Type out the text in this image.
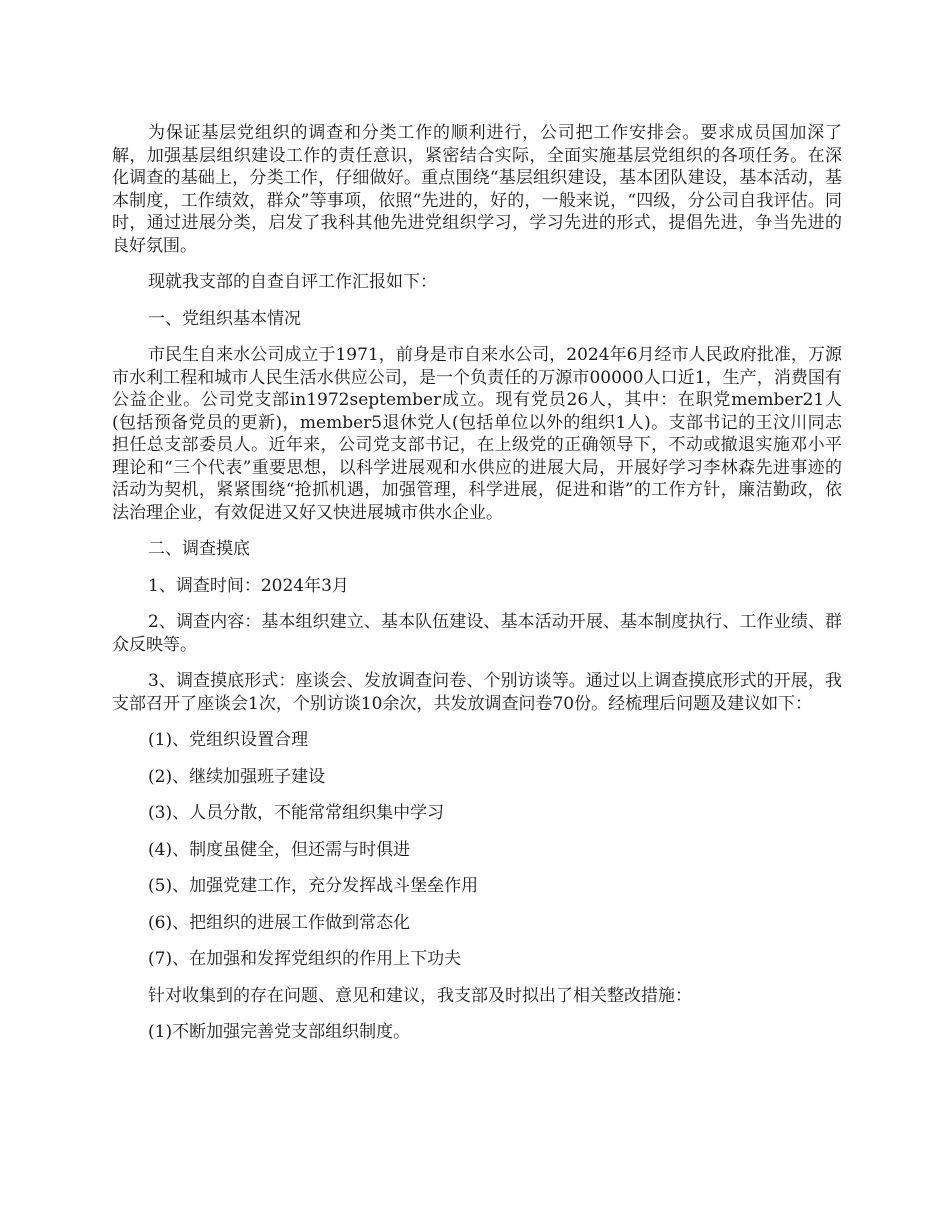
为保证基层党组织的调查和分类工作的顺利进行，公司把工作安排会。要求成员国加深了解，加强基层组织建设工作的责任意识，紧密结合实际，全面实施基层党组织的各项任务。在深化调查的基础上，分类工作，仔细做好。重点围绕“基层组织建设，基本团队建设，基本活动，基本制度，工作绩效，群众”等事项，依照“先进的，好的，一般来说，“四级，分公司自我评估。同时，通过进展分类，启发了我科其他先进党组织学习，学习先进的形式，提倡先进，争当先进的良好氛围。

现就我支部的自查自评工作汇报如下：

一、党组织基本情况

市民生自来水公司成立于1971，前身是市自来水公司，2024年6月经市人民政府批准，万源市水利工程和城市人民生活水供应公司，是一个负责任的万源市00000人口近1，生产，消费国有公益企业。公司党支部in1972september成立。现有党员26人，其中：在职党member21人(包括预备党员的更新)，member5退休党人(包括单位以外的组织1人)。支部书记的王汶川同志担任总支部委员人。近年来，公司党支部书记，在上级党的正确领导下，不动或撤退实施邓小平理论和“三个代表”重要思想，以科学进展观和水供应的进展大局，开展好学习李林森先进事迹的活动为契机，紧紧围绕“抢抓机遇，加强管理，科学进展，促进和谐”的工作方针，廉洁勤政，依法治理企业，有效促进又好又快进展城市供水企业。

二、调查摸底

1、调查时间：2024年3月

2、调查内容：基本组织建立、基本队伍建设、基本活动开展、基本制度执行、工作业绩、群众反映等。

3、调查摸底形式：座谈会、发放调查问卷、个别访谈等。通过以上调查摸底形式的开展，我支部召开了座谈会1次，个别访谈10余次，共发放调查问卷70份。经梳理后问题及建议如下：

(1)、党组织设置合理

(2)、继续加强班子建设

(3)、人员分散，不能常常组织集中学习

(4)、制度虽健全，但还需与时俱进

(5)、加强党建工作，充分发挥战斗堡垒作用

(6)、把组织的进展工作做到常态化

(7)、在加强和发挥党组织的作用上下功夫

针对收集到的存在问题、意见和建议，我支部及时拟出了相关整改措施：

(1)不断加强完善党支部组织制度。
